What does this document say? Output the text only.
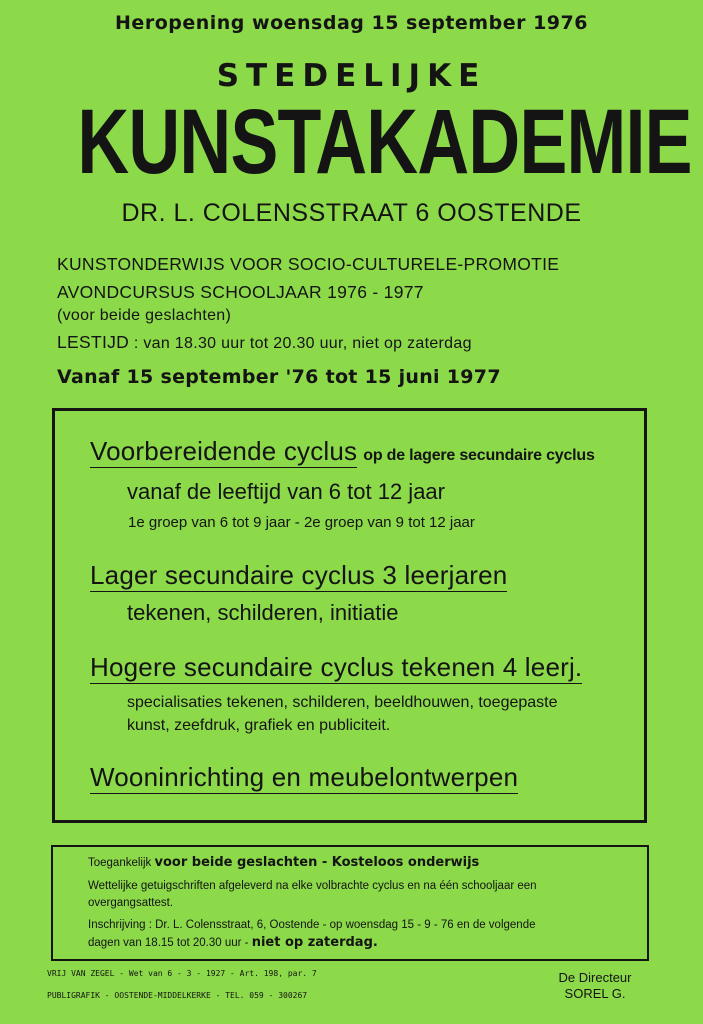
Heropening woensdag 15 september 1976
STEDELIJKE
KUNSTAKADEMIE
DR. L. COLENSSTRAAT 6 OOSTENDE
KUNSTONDERWIJS VOOR SOCIO-CULTURELE-PROMOTIE
AVONDCURSUS SCHOOLJAAR 1976 - 1977
(voor beide geslachten)
LESTIJD : van 18.30 uur tot 20.30 uur, niet op zaterdag
Vanaf 15 september '76 tot 15 juni 1977
Voorbereidende cyclus op de lagere secundaire cyclus
vanaf de leeftijd van 6 tot 12 jaar
1e groep van 6 tot 9 jaar - 2e groep van 9 tot 12 jaar
Lager secundaire cyclus 3 leerjaren
tekenen, schilderen, initiatie
Hogere secundaire cyclus tekenen 4 leerj.
specialisaties tekenen, schilderen, beeldhouwen, toegepaste
kunst, zeefdruk, grafiek en publiciteit.
Wooninrichting en meubelontwerpen
Toegankelijk voor beide geslachten - Kosteloos onderwijs
Wettelijke getuigschriften afgeleverd na elke volbrachte cyclus en na één schooljaar een
overgangsattest.
Inschrijving : Dr. L. Colensstraat, 6, Oostende - op woensdag 15 - 9 - 76 en de volgende
dagen van 18.15 tot 20.30 uur - niet op zaterdag.
VRIJ VAN ZEGEL - Wet van 6 - 3 - 1927 - Art. 198, par. 7
PUBLIGRAFIK - OOSTENDE-MIDDELKERKE - TEL. 059 - 300267
De Directeur
SOREL G.
